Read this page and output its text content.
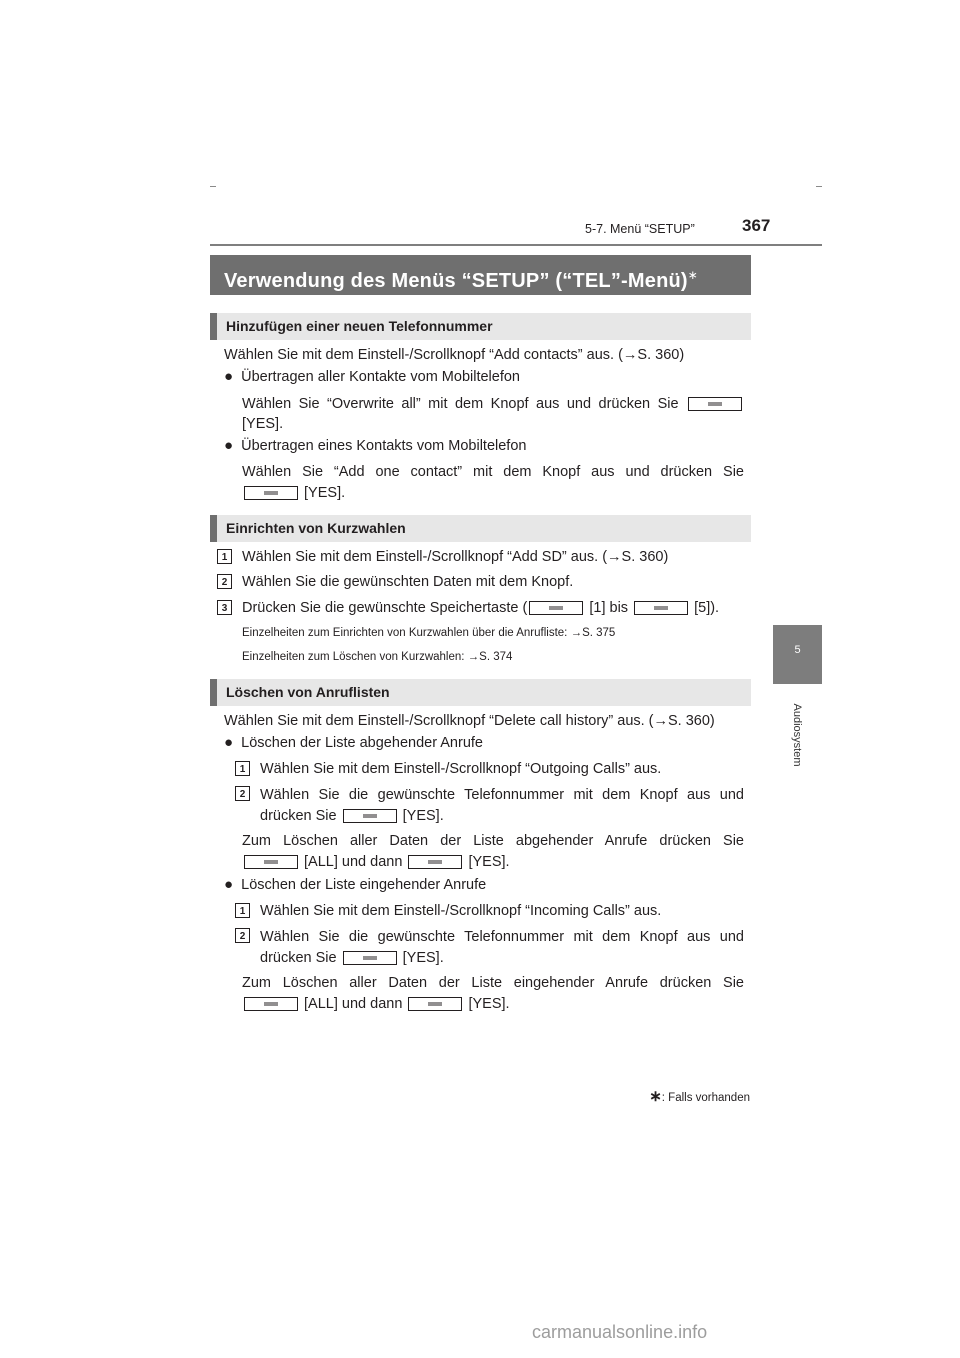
5-7. Menü “SETUP”	367
5
Audiosystem
Verwendung des Menüs “SETUP” (“TEL”-Menü)∗
Hinzufügen einer neuen Telefonnummer
Wählen Sie mit dem Einstell-/Scrollknopf “Add contacts” aus. (→S. 360)
● Übertragen aller Kontakte vom Mobiltelefon
Wählen Sie “Overwrite all” mit dem Knopf aus und drücken Sie
[YES].
● Übertragen eines Kontakts vom Mobiltelefon
Wählen Sie “Add one contact” mit dem Knopf aus und drücken Sie
[YES].
Einrichten von Kurzwahlen
1	Wählen Sie mit dem Einstell-/Scrollknopf “Add SD” aus. (→S. 360)
2	Wählen Sie die gewünschten Daten mit dem Knopf.
3	Drücken Sie die gewünschte Speichertaste (	[1] bis	[5]).
Einzelheiten zum Einrichten von Kurzwahlen über die Anrufliste: →S. 375
Einzelheiten zum Löschen von Kurzwahlen: →S. 374
Löschen von Anruflisten
Wählen Sie mit dem Einstell-/Scrollknopf “Delete call history” aus. (→S. 360)
● Löschen der Liste abgehender Anrufe
1	Wählen Sie mit dem Einstell-/Scrollknopf “Outgoing Calls” aus.
2	Wählen Sie die gewünschte Telefonnummer mit dem Knopf aus und
drücken Sie	[YES].
Zum Löschen aller Daten der Liste abgehender Anrufe drücken Sie
[ALL] und dann	[YES].
● Löschen der Liste eingehender Anrufe
1	Wählen Sie mit dem Einstell-/Scrollknopf “Incoming Calls” aus.
2	Wählen Sie die gewünschte Telefonnummer mit dem Knopf aus und
drücken Sie	[YES].
Zum Löschen aller Daten der Liste eingehender Anrufe drücken Sie
[ALL] und dann	[YES].
∗: Falls vorhanden
carmanualsonline.info
